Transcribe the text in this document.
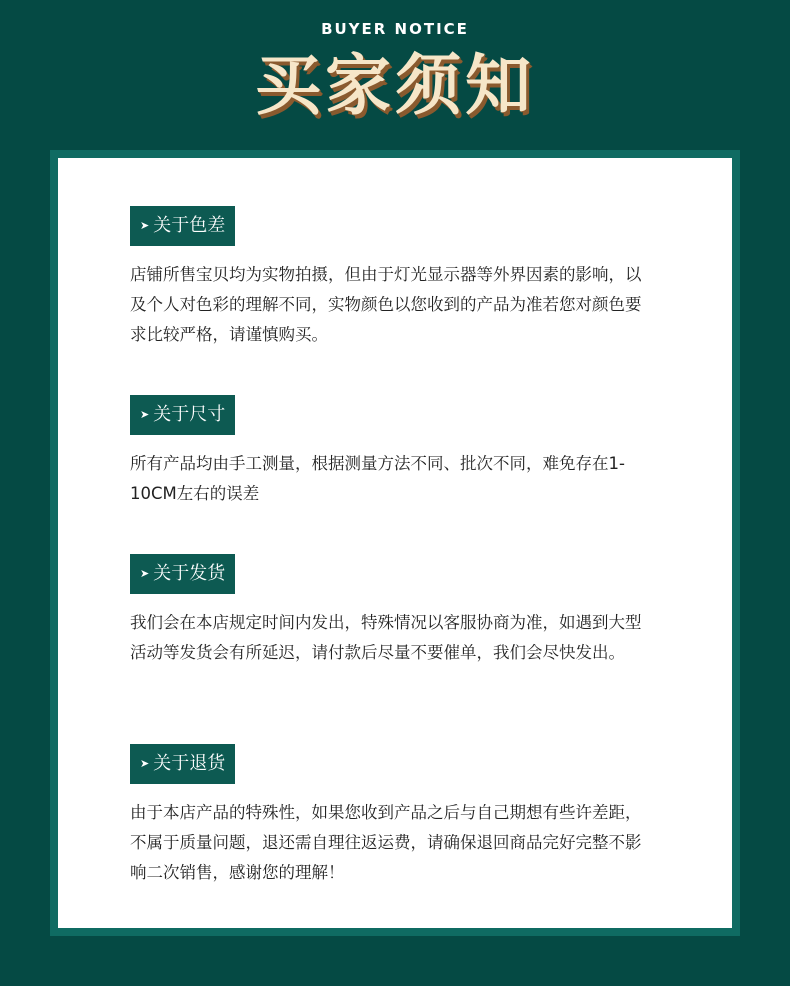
BUYER NOTICE
买家须知
➤ 关于色差
店铺所售宝贝均为实物拍摄，但由于灯光显示器等外界因素的影响，以及个人对色彩的理解不同，实物颜色以您收到的产品为准若您对颜色要求比较严格，请谨慎购买。
➤ 关于尺寸
所有产品均由手工测量，根据测量方法不同、批次不同，难免存在1-10CM左右的误差
➤ 关于发货
我们会在本店规定时间内发出，特殊情况以客服协商为准，如遇到大型活动等发货会有所延迟，请付款后尽量不要催单，我们会尽快发出。
➤ 关于退货
由于本店产品的特殊性，如果您收到产品之后与自己期想有些许差距，不属于质量问题，退还需自理往返运费，请确保退回商品完好完整不影响二次销售，感谢您的理解！
